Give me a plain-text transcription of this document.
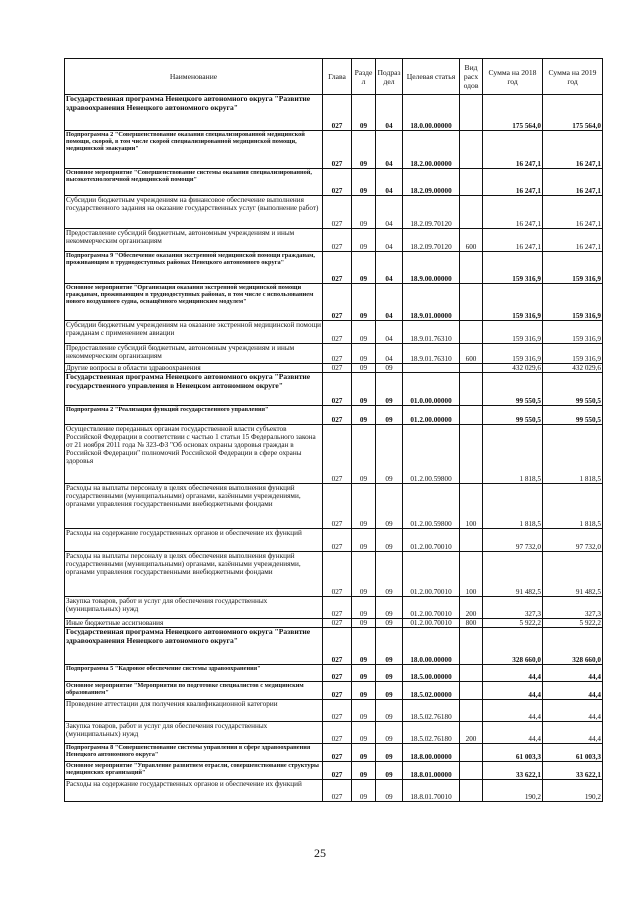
Наименование	Глава	Разде л	Подраз дел	Целевая статья	Вид расх одов	Сумма на 2018 год	Сумма на 2019 год
Государственная программа Ненецкого автономного округа "Развитие здравоохранения Ненецкого автономного округа"	027	09	04	18.0.00.00000		175 564,0	175 564,0
Подпрограмма 2 "Совершенствование оказания специализированной медицинской помощи, скорой, в том числе скорой специализированной медицинской помощи, медицинской эвакуации"	027	09	04	18.2.00.00000		16 247,1	16 247,1
Основное мероприятие "Совершенствование системы оказания специализированной, высокотехнологичной медицинской помощи"	027	09	04	18.2.09.00000		16 247,1	16 247,1
Субсидии бюджетным учреждениям на финансовое обеспечение выполнения государственного задания на оказание государственных услуг (выполнение работ)	027	09	04	18.2.09.70120		16 247,1	16 247,1
Предоставление субсидий бюджетным, автономным учреждениям и иным некоммерческим организациям	027	09	04	18.2.09.70120	600	16 247,1	16 247,1
Подпрограмма 9 "Обеспечение оказания экстренной медицинской помощи гражданам, проживающим в труднодоступных районах Ненецкого автономного округа"	027	09	04	18.9.00.00000		159 316,9	159 316,9
Основное мероприятие "Организация оказания экстренной медицинской помощи гражданам, проживающим в труднодоступных районах, в том числе с использованием нового воздушного судна, оснащённого медицинским модулем"	027	09	04	18.9.01.00000		159 316,9	159 316,9
Субсидии бюджетным учреждениям на оказание экстренной медицинской помощи гражданам с применением авиации	027	09	04	18.9.01.76310		159 316,9	159 316,9
Предоставление субсидий бюджетным, автономным учреждениям и иным некоммерческим организациям	027	09	04	18.9.01.76310	600	159 316,9	159 316,9
Другие вопросы в области здравоохранения	027	09	09			432 029,6	432 029,6
Государственная программа Ненецкого автономного округа "Развитие государственного управления в Ненецком автономном округе"	027	09	09	01.0.00.00000		99 550,5	99 550,5
Подпрограмма 2 "Реализация функций государственного управления"	027	09	09	01.2.00.00000		99 550,5	99 550,5
Осуществление переданных органам государственной власти субъектов Российской Федерации в соответствии с частью 1 статьи 15 Федерального закона от 21 ноября 2011 года № 323-ФЗ "Об основах охраны здоровья граждан в Российской Федерации" полномочий Российской Федерации в сфере охраны здоровья	027	09	09	01.2.00.59800		1 818,5	1 818,5
Расходы на выплаты персоналу в целях обеспечения выполнения функций государственными (муниципальными) органами, казёнными учреждениями, органами управления государственными внебюджетными фондами	027	09	09	01.2.00.59800	100	1 818,5	1 818,5
Расходы на содержание государственных органов и обеспечение их функций	027	09	09	01.2.00.70010		97 732,0	97 732,0
Расходы на выплаты персоналу в целях обеспечения выполнения функций государственными (муниципальными) органами, казёнными учреждениями, органами управления государственными внебюджетными фондами	027	09	09	01.2.00.70010	100	91 482,5	91 482,5
Закупка товаров, работ и услуг для обеспечения государственных (муниципальных) нужд	027	09	09	01.2.00.70010	200	327,3	327,3
Иные бюджетные ассигнования	027	09	09	01.2.00.70010	800	5 922,2	5 922,2
Государственная программа Ненецкого автономного округа "Развитие здравоохранения Ненецкого автономного округа"	027	09	09	18.0.00.00000		328 660,0	328 660,0
Подпрограмма 5 "Кадровое обеспечение системы здравоохранения"	027	09	09	18.5.00.00000		44,4	44,4
Основное мероприятие "Мероприятия по подготовке специалистов с медицинским образованием"	027	09	09	18.5.02.00000		44,4	44,4
Проведение аттестации для получения квалификационной категории	027	09	09	18.5.02.76180		44,4	44,4
Закупка товаров, работ и услуг для обеспечения государственных (муниципальных) нужд	027	09	09	18.5.02.76180	200	44,4	44,4
Подпрограмма 8 "Совершенствование системы управления в сфере здравоохранения Ненецкого автономного округа"	027	09	09	18.8.00.00000		61 003,3	61 003,3
Основное мероприятие "Управление развитием отрасли, совершенствование структуры медицинских организаций"	027	09	09	18.8.01.00000		33 622,1	33 622,1
Расходы на содержание государственных органов и обеспечение их функций	027	09	09	18.8.01.70010		190,2	190,2
25
